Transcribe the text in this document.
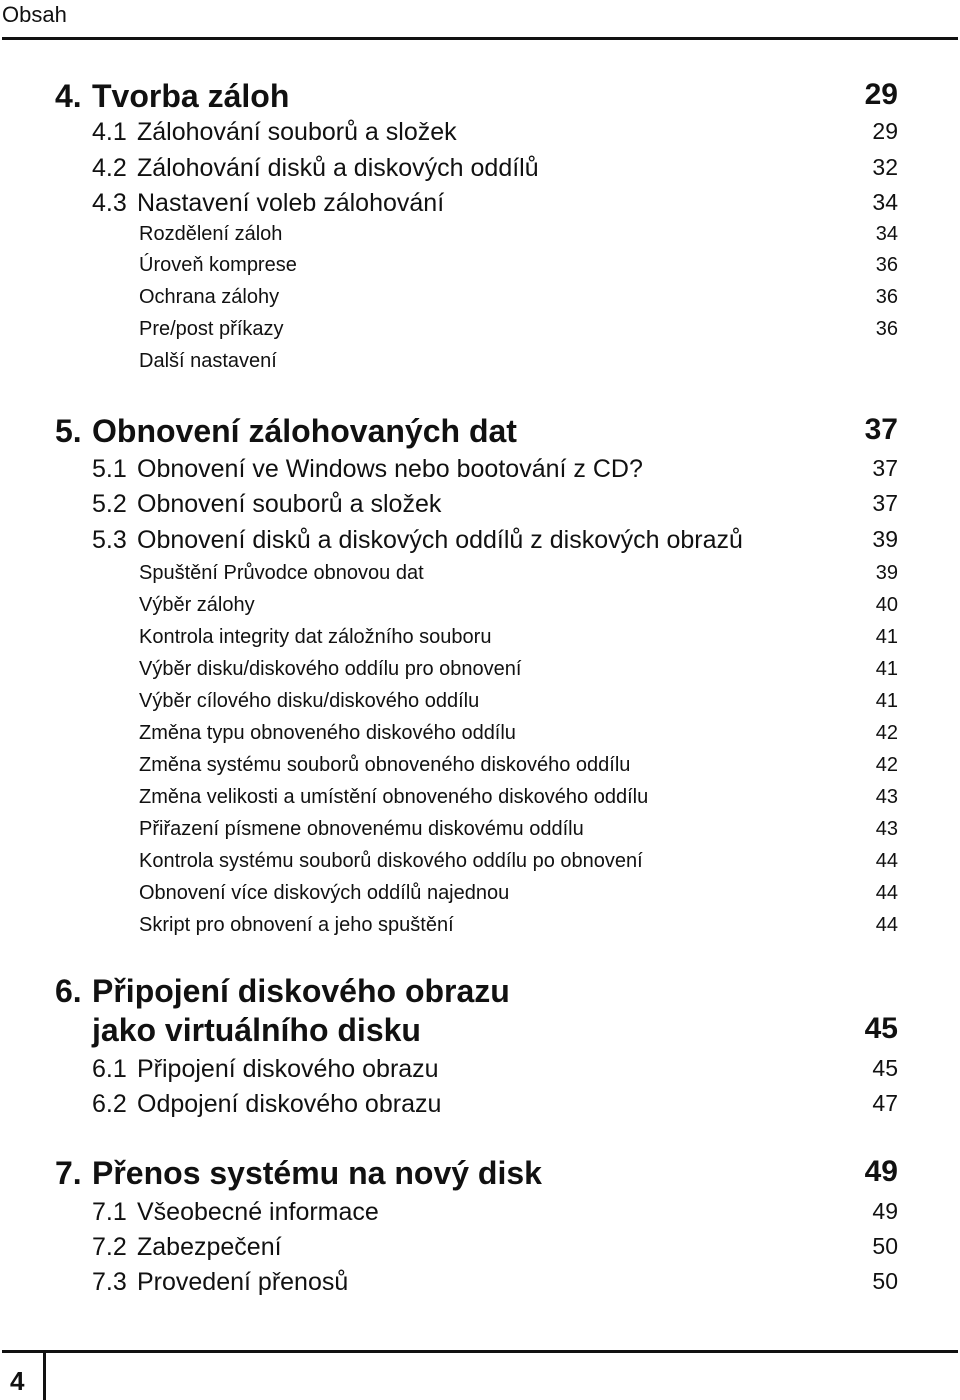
Obsah
4. Tvorba záloh	29
4.1 Zálohování souborů a složek	29
4.2 Zálohování disků a diskových oddílů	32
4.3 Nastavení voleb zálohování	34
Rozdělení záloh	34
Úroveň komprese	36
Ochrana zálohy	36
Pre/post příkazy	36
Další nastavení
5. Obnovení zálohovaných dat	37
5.1 Obnovení ve Windows nebo bootování z CD?	37
5.2 Obnovení souborů a složek	37
5.3 Obnovení disků a diskových oddílů z diskových obrazů	39
Spuštění Průvodce obnovou dat	39
Výběr zálohy	40
Kontrola integrity dat záložního souboru	41
Výběr disku/diskového oddílu pro obnovení	41
Výběr cílového disku/diskového oddílu	41
Změna typu obnoveného diskového oddílu	42
Změna systému souborů obnoveného diskového oddílu	42
Změna velikosti a umístění obnoveného diskového oddílu	43
Přiřazení písmene obnovenému diskovému oddílu	43
Kontrola systému souborů diskového oddílu po obnovení	44
Obnovení více diskových oddílů najednou	44
Skript pro obnovení a jeho spuštění	44
6. Připojení diskového obrazu
jako virtuálního disku	45
6.1 Připojení diskového obrazu	45
6.2 Odpojení diskového obrazu	47
7. Přenos systému na nový disk	49
7.1 Všeobecné informace	49
7.2 Zabezpečení	50
7.3 Provedení přenosů	50
4
